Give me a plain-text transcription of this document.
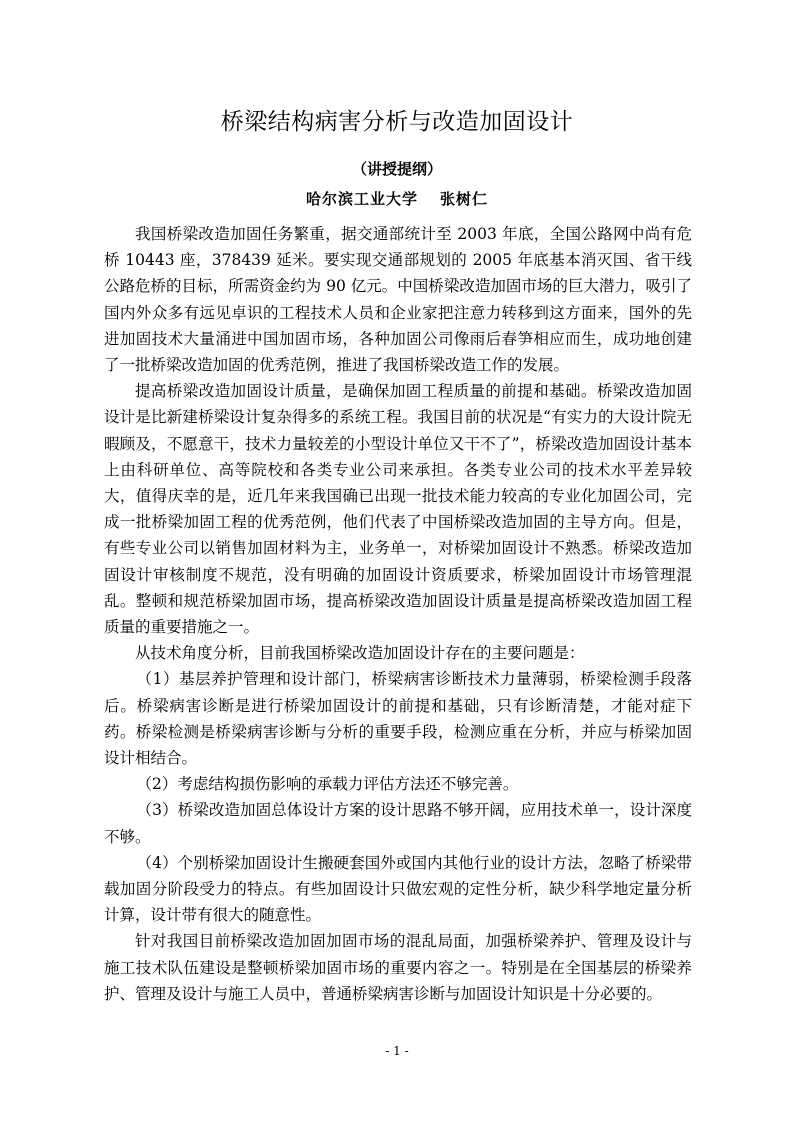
桥梁结构病害分析与改造加固设计
（讲授提纲）
哈尔滨工业大学 张树仁

我国桥梁改造加固任务繁重，据交通部统计至 2003 年底，全国公路网中尚有危桥 10443 座，378439 延米。要实现交通部规划的 2005 年底基本消灭国、省干线公路危桥的目标，所需资金约为 90 亿元。中国桥梁改造加固市场的巨大潜力，吸引了国内外众多有远见卓识的工程技术人员和企业家把注意力转移到这方面来，国外的先进加固技术大量涌进中国加固市场，各种加固公司像雨后春笋相应而生，成功地创建了一批桥梁改造加固的优秀范例，推进了我国桥梁改造工作的发展。

提高桥梁改造加固设计质量，是确保加固工程质量的前提和基础。桥梁改造加固设计是比新建桥梁设计复杂得多的系统工程。我国目前的状况是“有实力的大设计院无暇顾及，不愿意干，技术力量较差的小型设计单位又干不了”，桥梁改造加固设计基本上由科研单位、高等院校和各类专业公司来承担。各类专业公司的技术水平差异较大，值得庆幸的是，近几年来我国确已出现一批技术能力较高的专业化加固公司，完成一批桥梁加固工程的优秀范例，他们代表了中国桥梁改造加固的主导方向。但是，有些专业公司以销售加固材料为主，业务单一，对桥梁加固设计不熟悉。桥梁改造加固设计审核制度不规范，没有明确的加固设计资质要求，桥梁加固设计市场管理混乱。整顿和规范桥梁加固市场，提高桥梁改造加固设计质量是提高桥梁改造加固工程质量的重要措施之一。

从技术角度分析，目前我国桥梁改造加固设计存在的主要问题是：

（1）基层养护管理和设计部门，桥梁病害诊断技术力量薄弱，桥梁检测手段落后。桥梁病害诊断是进行桥梁加固设计的前提和基础，只有诊断清楚，才能对症下药。桥梁检测是桥梁病害诊断与分析的重要手段，检测应重在分析，并应与桥梁加固设计相结合。

（2）考虑结构损伤影响的承载力评估方法还不够完善。

（3）桥梁改造加固总体设计方案的设计思路不够开阔，应用技术单一，设计深度不够。

（4）个别桥梁加固设计生搬硬套国外或国内其他行业的设计方法，忽略了桥梁带载加固分阶段受力的特点。有些加固设计只做宏观的定性分析，缺少科学地定量分析计算，设计带有很大的随意性。

针对我国目前桥梁改造加固加固市场的混乱局面，加强桥梁养护、管理及设计与施工技术队伍建设是整顿桥梁加固市场的重要内容之一。特别是在全国基层的桥梁养护、管理及设计与施工人员中，普通桥梁病害诊断与加固设计知识是十分必要的。

- 1 -
